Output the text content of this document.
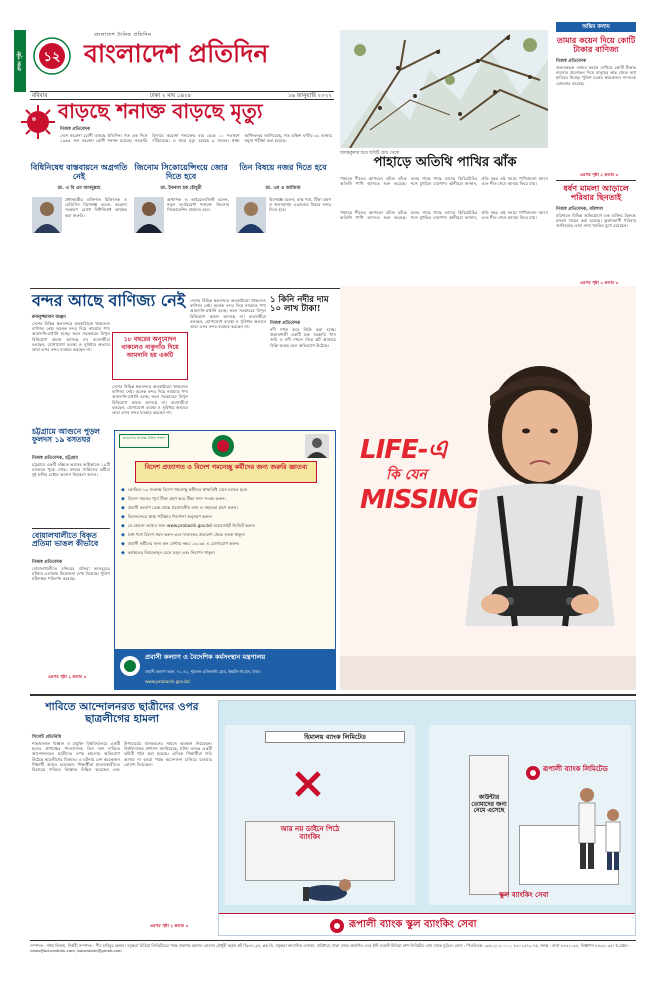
প্রথম পৃষ্ঠা ১২
বাংলাদেশ দৈনিক প্রতিদিন
বাংলাদেশ প্রতিদিন
রবিবার	ঢাকা ২ মাঘ ১৪২৮	১৬ জানুয়ারি ২০২২
জয়ন্তকুমার শুভ্র ছবিটি গ্রাম থেকে
অন্তিম কলাম
তামার কয়েন দিয়ে কোটি টাকার বাণিজ্য
নিজস্ব প্রতিবেদক
প্রতারকচক্র তামার কয়েন দেখিয়ে কোটি টাকার ব্যবসার প্রলোভন দিয়ে মানুষের কাছ থেকে অর্থ হাতিয়ে নিচ্ছে। পুলিশ চক্রের কয়েকজন সদস্যকে গ্রেফতার করেছে।
এরপর পৃষ্ঠা ২ কলাম ৩
ধর্ষণ মামলা আড়ালে পরিবার ছিনতাই
নিজস্ব প্রতিবেদক, বরিশাল
বরিশালে বিভিন্ন অভিযোগে এক ব্যক্তির বিরুদ্ধে মামলা দায়ের করা হয়েছে। ভুক্তভোগী পরিবার জানিয়েছে তারা নানা হুমকির মুখে রয়েছেন।
এরপর পৃষ্ঠা ২ কলাম ৩
পাহাড়ে অতিথি পাখির ঝাঁক
পাহাড়ে শীতের আগমনে ঝাঁকে ঝাঁকে অতিথি পাখি আসতে শুরু করেছে। বনের গাছে গাছে তাদের কিচিরমিচির শব্দে মুখরিত চারপাশ। স্থানীয়রা জানান, প্রতি বছর এই সময়ে পাখিগুলো আসে এবং শীত শেষে আবার ফিরে যায়।
বাড়ছে শনাক্ত বাড়ছে মৃত্যু
নিজস্ব প্রতিবেদক
দেশে করোনা রোগী বাড়ছে প্রতিদিন। গত এক দিনে ১৯৬৫ জন করোনা রোগী শনাক্ত হয়েছে। সরকারি হিসাবে করোনা শনাক্তের হার বেড়ে ১০ শতাংশে দাঁড়িয়েছে। এ সময় মৃত্যু হয়েছে ৯ জনের। স্বাস্থ্য অধিদফতর জানিয়েছে, গত চব্বিশ ঘণ্টায় ৩২ হাজার নমুনা পরীক্ষা করা হয়েছে।
বিধিনিষেধ বাস্তবায়নে অগ্রগতি নেই
ডা. এ বি এম আবদুল্লাহ
প্রধানমন্ত্রীর ব্যক্তিগত চিকিৎসক ও মেডিসিন বিশেষজ্ঞ বলেন, করোনা সংক্রমণ রোধে বিধিনিষেধ কার্যকর করা জরুরি।
জিনোম সিকোয়েন্সিংয়ে জোর দিতে হবে
ডা. ইকবাল হক চৌধুরী
অধ্যাপক ও ভাইরোলজিস্ট বলেন, নতুন ভ্যারিয়েন্ট শনাক্তে জিনোম সিকোয়েন্সিং বাড়াতে হবে।
তিন বিষয়ে নজর দিতে হবে
ডা. এম এ আজিজ
বিশেষজ্ঞ বলেন, মাস্ক পরা, টিকা গ্রহণ ও জনসমাগম এড়ানোর বিষয়ে নজর দিতে হবে।
পাহাড়ে শীতের আগমনে ঝাঁকে ঝাঁকে অতিথি পাখি আসতে শুরু করেছে। বনের গাছে গাছে তাদের কিচিরমিচির শব্দে মুখরিত চারপাশ। স্থানীয়রা জানান, প্রতি বছর এই সময়ে পাখিগুলো আসে এবং শীত শেষে আবার ফিরে যায়।
বন্দর আছে বাণিজ্য নেই
রুকনুজ্জামান অঞ্জন
দেশের বিভিন্ন স্থলবন্দরে অবকাঠামো থাকলেও বাণিজ্য নেই। অনেক বন্দর দিয়ে নামমাত্র পণ্য আমদানি-রপ্তানি হচ্ছে। ফলে সরকারের বিপুল বিনিয়োগ কাজে আসছে না। ব্যবসায়ীরা বলছেন, যোগাযোগ ব্যবস্থা ও সুবিধার অভাবে তারা এসব বন্দর ব্যবহার করছেন না।
১৮ বছরের অনুমোদন থাকলেও নাকুগাঁও দিয়ে আমদানি হয় একটি
দেশের বিভিন্ন স্থলবন্দরে অবকাঠামো থাকলেও বাণিজ্য নেই। অনেক বন্দর দিয়ে নামমাত্র পণ্য আমদানি-রপ্তানি হচ্ছে। ফলে সরকারের বিপুল বিনিয়োগ কাজে আসছে না। ব্যবসায়ীরা বলছেন, যোগাযোগ ব্যবস্থা ও সুবিধার অভাবে তারা এসব বন্দর ব্যবহার করছেন না।
দেশের বিভিন্ন স্থলবন্দরে অবকাঠামো থাকলেও বাণিজ্য নেই। অনেক বন্দর দিয়ে নামমাত্র পণ্য আমদানি-রপ্তানি হচ্ছে। ফলে সরকারের বিপুল বিনিয়োগ কাজে আসছে না। ব্যবসায়ীরা বলছেন, যোগাযোগ ব্যবস্থা ও সুবিধার অভাবে তারা এসব বন্দর ব্যবহার করছেন না।
১ কিনি নদীর দাম ১০ লাখ টাকা!
নিজস্ব প্রতিবেদক
নদী দখল করে বিক্রি করা হচ্ছে। প্রভাবশালী একটি চক্র সরকারি খাস জমি ও নদী দখলে নিয়ে প্লট আকারে বিক্রি করছে বলে অভিযোগ উঠেছে।
চট্টগ্রামে আগুনে পুড়ল ফুলদস ১৯ বসতঘর
নিজস্ব প্রতিবেদক, চট্টগ্রাম
চট্টগ্রামে একটি বস্তিতে ভয়াবহ অগ্নিকাণ্ডে ১৯টি বসতঘর পুড়ে গেছে। ফায়ার সার্ভিসের কর্মীরা দুই ঘণ্টার চেষ্টায় আগুন নিয়ন্ত্রণে আনে।
বোয়ালখালীতে বিকৃত প্রতিমা ভাঙল কীভাবে
নিজস্ব প্রতিবেদক
বোয়ালখালীতে মন্দিরের প্রতিমা ভাঙচুরের ঘটনায় এলাকায় উত্তেজনা দেখা দিয়েছে। পুলিশ ঘটনাস্থল পরিদর্শন করেছে।
এরপর পৃষ্ঠা ২ কলাম ৩
প্রচারণায় সর্বোচ্চ বিধান সংসদ
বিদেশ প্রত্যাগত ও বিদেশ গমনেচ্ছু কর্মীদের জন্য জরুরি জ্ঞাতব্য
◆ কোভিড-১৯ সংক্রান্ত বিদেশ গমনেচ্ছু কর্মীদের স্বাস্থ্যবিধি মেনে চলতে হবে।
◆ বিদেশ গমনের পূর্বে টিকা গ্রহণ করে টিকা সনদ সংগ্রহ করুন।
◆ প্রবাসী কল্যাণ ডেস্ক থেকে প্রয়োজনীয় তথ্য ও সহায়তা গ্রহণ করুন।
◆ বিমানবন্দরে স্বাস্থ্য পরীক্ষার নির্দেশনা অনুসরণ করুন।
◆ যে কোনো তথ্যের জন্য www.probashi.gov.bd ওয়েবসাইট ভিজিট করুন।
◆ বৈধ পথে বিদেশ গমন করুন এবং দালালের প্রতারণা থেকে সতর্ক থাকুন।
◆ প্রবাসী কর্মীদের জন্য কল সেন্টার নম্বর ১৬১৩৫ এ যোগাযোগ করুন।
◆ কর্মস্থলের নিয়মকানুন মেনে চলুন এবং নিরাপদ থাকুন।
প্রবাসী কল্যাণ ও বৈদেশিক কর্মসংস্থান মন্ত্রণালয়
প্রবাসী কল্যাণ ভবন, ৭১-৭২, পুরাতন এলিফ্যান্ট রোড, ইস্কাটন গার্ডেন, ঢাকা।
www.probashi.gov.bd
LIFE-এ
কি যেন
MISSING
শাবিতে আন্দোলনরত ছাত্রীদের ওপর ছাত্রলীগের হামলা
সিলেট প্রতিনিধি
শাহজালাল বিজ্ঞান ও প্রযুক্তি বিশ্ববিদ্যালয়ে একটি হলের প্রাধ্যক্ষের পদত্যাগসহ তিন দফা দাবিতে আন্দোলনরত ছাত্রীদের ওপর হামলার অভিযোগ উঠেছে ছাত্রলীগের বিরুদ্ধে। এ ঘটনায় বেশ কয়েকজন শিক্ষার্থী আহত হয়েছেন। শিক্ষার্থীরা হামলাকারীদের বিচারের দাবিতে বিক্ষোভ মিছিল করেছেন এবং উপাচার্যের বাসভবনের সামনে অবস্থান নিয়েছেন। বিশ্ববিদ্যালয় প্রশাসন জানিয়েছে, ঘটনা তদন্তে একটি কমিটি গঠন করা হয়েছে। এদিকে শিক্ষার্থীরা দাবি আদায় না হওয়া পর্যন্ত আন্দোলন চালিয়ে যাওয়ার ঘোষণা দিয়েছেন।
এরপর পৃষ্ঠা ২ কলাম ৩
হিমালয় ব্যাংক লিমিটেড
আর নয় ডাইনে পিঠে ব্যাংকিং
কাউন্টার তোমাদের জন্য নেমে এসেছে
রূপালী ব্যাংক লিমিটেড
স্কুল ব্যাংকিং সেবা
রূপালী ব্যাংক স্কুল ব্যাংকিং সেবা
সম্পাদক : নঈম নিজাম, নির্বাহী সম্পাদক : পীর হাবিবুর রহমান। বসুন্ধরা মিডিয়া লিমিটেডের পক্ষে প্রকাশক ময়নাল হোসেন চৌধুরী কর্তৃক প্লট সি/৩৭১/এ, ব্লক ডি, বসুন্ধরা আবাসিক এলাকা, বারিধারা, ঢাকা থেকে প্রকাশিত এবং ইস্ট ওয়েস্ট মিডিয়া গ্রুপ লিমিটেড প্রেস থেকে মুদ্রিত। ফোন : পিএবিএক্স ০৯৬১২১২০০০০, ৮৪০২৩৭২-৭৫, ফ্যাক্স : বার্তা ৮৪৩২০৯৪, বিজ্ঞাপন ৮৪৩২০৯৫। ই-মেইল : news@bd-pratidin.com, bdpratidin@gmail.com
